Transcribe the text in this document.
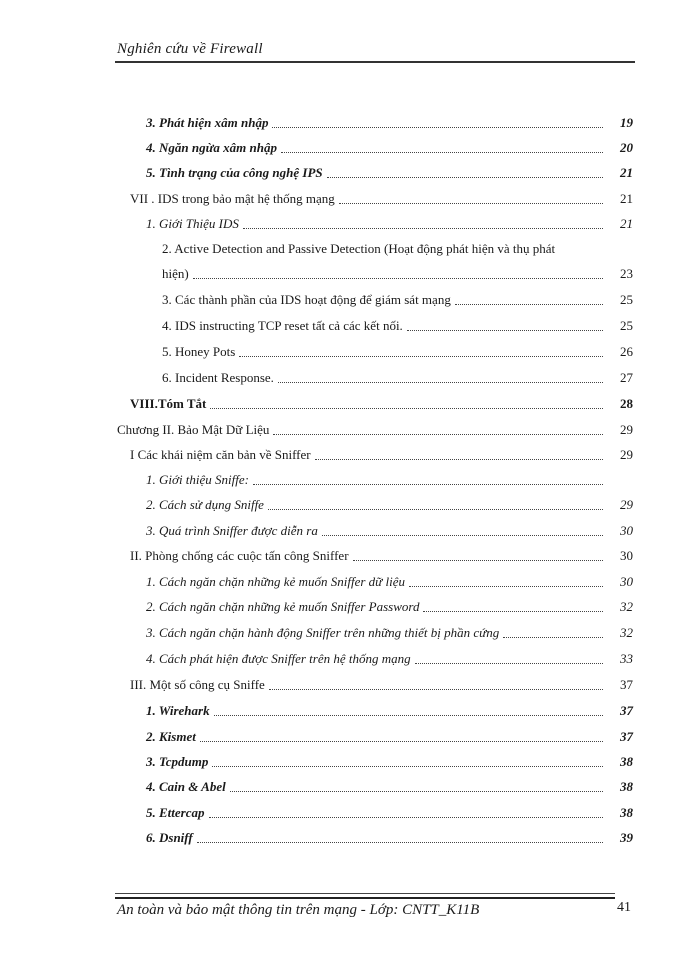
Nghiên cứu về Firewall
3. Phát hiện xâm nhập	19
4. Ngăn ngừa xâm nhập	20
5. Tình trạng của công nghệ IPS	21
VII . IDS trong bảo mật hệ thống mạng	21
1. Giới Thiệu IDS	21
2. Active Detection and Passive Detection (Hoạt động phát hiện và thụ phát
hiện)	23
3. Các thành phần của IDS hoạt động để giám sát mạng	25
4. IDS instructing TCP reset tất cả các kết nối.	25
5. Honey Pots	26
6. Incident Response.	27
VIII.Tóm Tắt	28
Chương II. Bảo Mật Dữ Liệu	29
I Các khái niệm căn bản về Sniffer	29
1. Giới thiệu Sniffe:
2. Cách sử dụng Sniffe	29
3. Quá trình Sniffer được diễn ra	30
II. Phòng chống các cuộc tấn công Sniffer	30
1. Cách ngăn chặn những kẻ muốn Sniffer dữ liệu	30
2. Cách ngăn chặn những kẻ muốn Sniffer Password	32
3. Cách ngăn chặn hành động Sniffer trên những thiết bị phần cứng	32
4. Cách phát hiện được Sniffer trên hệ thống mạng	33
III. Một số công cụ Sniffe	37
1. Wirehark	37
2. Kismet	37
3. Tcpdump	38
4. Cain & Abel	38
5. Ettercap	38
6. Dsniff	39
An toàn và bảo mật thông tin trên mạng - Lớp: CNTT_K11B	41
